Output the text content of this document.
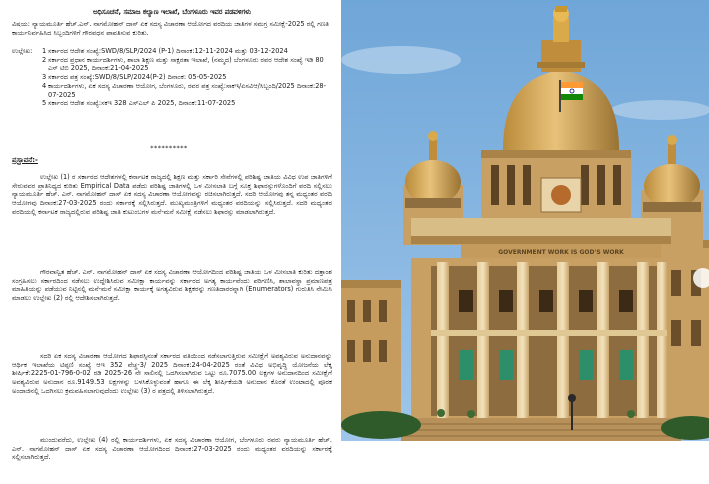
ಅಧಿಸೂಚನೆ, ಸಮಾಜ ಕಲ್ಯಾಣ ಇಲಾಖೆ, ಬೆಂಗಳೂರು ಇವರ ಪಡವಳಿಗಳು
ವಿಷಯ: ನ್ಯಾಯಮೂರ್ತಿ ಹೆಚ್.ಎನ್. ನಾಗಮೋಹನ್ ದಾಸ್ ಏಕ ಸದಸ್ಯ ವಿಚಾರಣಾ ಆಯೋಗದ ವರದಿಯ ಜಾತಿಗಳ ಸಮಗ್ರ ಸಮೀಕ್ಷೆ-2025 ರಲ್ಲಿ ಗಣತಿ ಕಾರ್ಯನಿರ್ವಹಿಸಿದ ಸಿಬ್ಬಂದಿಗಳಿಗೆ ಗೌರವಧನ ಪಾವತಿಸುವ ಕುರಿತು.
ಉಲ್ಲೇಖ:	1 ಸರ್ಕಾರದ ಆದೇಶ ಸಂಖ್ಯೆ:SWD/8/SLP/2024 (P-1) ದಿನಾಂಕ:12-11-2024 ಮತ್ತು 03-12-2024
2 ಸರ್ಕಾರದ ಪ್ರಧಾನ ಕಾರ್ಯದರ್ಶಿಗಳು, ಶಾಲಾ ಶಿಕ್ಷಣ ಮತ್ತು ಸಾಕ್ಷರತಾ ಇಲಾಖೆ, (ನಮ್ಮದ) ಬೆಂಗಳೂರು ರವರ ಆದೇಶ ಸಂಖ್ಯೆ ಇಡಿ 80 ಎಸ್ ಟಿಬಿ 2025, ದಿನಾಂಕ:21-04-2025
3 ಸರ್ಕಾರದ ಪತ್ರ ಸಂಖ್ಯೆ:SWD/8/SLP/2024(P-2) ದಿನಾಂಕ: 05-05-2025
4 ಕಾರ್ಯದರ್ಶಿಗಳು, ಏಕ ಸದಸ್ಯ ವಿಚಾರಣಾ ಆಯೋಗ, ಬೆಂಗಳೂರು, ರವರ ಪತ್ರ ಸಂಖ್ಯೆ:ಸಾಕಇ/ಏಸವಿಆ/ಸಿಬ್ಬಂದಿ/2025 ದಿನಾಂಕ:28-07-2025
5 ಸರ್ಕಾರದ ಆದೇಶ ಸಂಖ್ಯೆ:ಸಕಇ 328 ಎಸ್‌ಎಲ್‌ ಪಿ 2025, ದಿನಾಂಕ:11-07-2025
**********
ಪ್ರಸ್ತಾವನೆ:-
ಉಲ್ಲೇಖ (1) ರ ಸರ್ಕಾರದ ಆದೇಶಗಳಲ್ಲಿ ಕರ್ನಾಟಕ ರಾಜ್ಯದಲ್ಲಿ ಶಿಕ್ಷಣ ಮತ್ತು ಸರ್ಕಾರಿ ಸೇವೆಗಳಲ್ಲಿ ಪರಿಶಿಷ್ಟ ಜಾತಿಯ ವಿವಿಧ ಉಪ ಜಾತಿಗಳಿಗೆ ಸೇರುವವರ ಪ್ರಾತಿನಿಧ್ಯದ ಕುರಿತು Empirical Data ಪಡೆದು ಪರಿಶಿಷ್ಟ ಜಾತಿಗಳಲ್ಲಿ ಒಳ ಮೀಸಲಾತಿ ಬಗ್ಗೆ ಸೂಕ್ತ ಶಿಫಾರಸ್ಸುಗಳೊಂದಿಗೆ ವರದಿ ಸಲ್ಲಿಸಲು ನ್ಯಾಯಮೂರ್ತಿ ಹೆಚ್. ಎನ್. ನಾಗಮೋಹನ್ ದಾಸ್ ಏಕ ಸದಸ್ಯ ವಿಚಾರಣಾ ಆಯೋಗವನ್ನು ರಚಿಸಲಾಗಿರುತ್ತದೆ. ಸದರಿ ಆಯೋಗವು ತನ್ನ ಮಧ್ಯಂತರ ವರದಿ ಆಯೋಗವು ದಿನಾಂಕ:27-03-2025 ರಂದು ಸರ್ಕಾರಕ್ಕೆ ಸಲ್ಲಿಸಿರುತ್ತದೆ. ಮುಖ್ಯಮಂತ್ರಿಗಳಿಗೆ ಮಧ್ಯಂತರ ವರದಿಯನ್ನು ಸಲ್ಲಿಸಿರುತ್ತದೆ. ಸದರಿ ಮಧ್ಯಂತರ ವರದಿಯಲ್ಲಿ ಕರ್ನಾಟಕ ರಾಜ್ಯದಲ್ಲಿರುವ ಪರಿಶಿಷ್ಟ ಜಾತಿ ಕುಟುಂಬಗಳ ಮನೆ-ಮನೆ ಸಮೀಕ್ಷೆ ನಡೆಸಲು ಶಿಫಾರಸ್ಸು ಮಾಡಲಾಗಿರುತ್ತದೆ.
ಗೌರವಾನ್ವಿತ ಹೆಚ್. ಎನ್. ನಾಗಮೋಹನ್ ದಾಸ್ ಏಕ ಸದಸ್ಯ ವಿಚಾರಣಾ ಆಯೋಗದಿಂದ ಪರಿಶಿಷ್ಟ ಜಾತಿಯ ಒಳ ಮೀಸಲಾತಿ ಕುರಿತು ದತ್ತಾಂಶ ಸಂಗ್ರಹಿಸಲು ಸರ್ಕಾರದಿಂದ ನಡೆಸಲು ಉದ್ದೇಶಿಸಿರುವ ಸಮೀಕ್ಷಾ ಕಾರ್ಯವನ್ನು ಸರ್ಕಾರದ ಅಗತ್ಯ ಕಾರ್ಯವೆಂದು ಪರಿಗಣಿಸಿ, ಶಾಲಾವಸ್ಥಾ ಪ್ರಮಾಣಪತ್ರ ಮಾಹಿತಿಯನ್ನು ಪಡೆಯುವ ನಿಟ್ಟಿನಲ್ಲಿ ಮನೆ-ಮನೆ ಸಮೀಕ್ಷಾ ಕಾರ್ಯಕ್ಕೆ ಅಗತ್ಯವಿರುವ ಶಿಕ್ಷಕರನ್ನು ಗಣತಿದಾರರನ್ನಾಗಿ (Enumerators) ಗುರುತಿಸಿ ನೇಮಿಸಿ ಮಾಡಲು ಉಲ್ಲೇಖ (2) ರಲ್ಲಿ ಆದೇಶಿಸಲಾಗಿರುತ್ತದೆ.
ಸದರಿ ಏಕ ಸದಸ್ಯ ವಿಚಾರಣಾ ಆಯೋಗದ ಶಿಫಾರಸ್ಸಿನಂತೆ ಸರ್ಕಾರದ ವತಿಯಿಂದ ನಡೆಸಲಾಗುತ್ತಿರುವ ಸಮೀಕ್ಷೆಗೆ ಅವಶ್ಯವಿರುವ ಅನುದಾನವನ್ನು ಆರ್ಥಿಕ ಇಲಾಖೆಯ ಟಿಪ್ಪಣಿ ಸಂಖ್ಯೆ ಆಇ 352 ವೆಚ್ಚ-3/ 2025 ದಿನಾಂಕ:24-04-2025 ರಂತೆ ವಿವಿಧ ಅಭಿವೃದ್ಧಿ ಯೋಜನೆಯ ಲೆಕ್ಕ ಶೀರ್ಷಿಕೆ:2225-01-796-0-02 ರಡಿ 2025-26 ನೇ ಸಾಲಿನಲ್ಲಿ ಒದಗಿಸಲಾಗಿರುವ ಒಟ್ಟು ರೂ.7075.00 ಲಕ್ಷಗಳ ಅನುದಾನದಿಂದ ಸಮೀಕ್ಷೆಗೆ ಅವಶ್ಯವಿರುವ ಅನುದಾನ ರೂ.9149.53 ಲಕ್ಷಗಳನ್ನು ಬಳಸಿಕೊಳ್ಳುವಂತೆ ಹಾಗೂ ಈ ಲೆಕ್ಕ ಶೀರ್ಷಿಕೆಯಡಿ ಅನುದಾನ ಕೊರತೆ ಉಂಟಾದಲ್ಲಿ ಪೂರಕ ಅಂದಾಜಿನಲ್ಲಿ ಒದಗಿಸಲು ಕ್ರಮವಹಿಸಲಾಗುವುದೆಂದು ಉಲ್ಲೇಖ (3) ರ ಪತ್ರದಲ್ಲಿ ತಿಳಿಸಲಾಗಿರುತ್ತದೆ.
ಮುಂದುವರೆದು, ಉಲ್ಲೇಖ (4) ರಲ್ಲಿ ಕಾರ್ಯದರ್ಶಿಗಳು, ಏಕ ಸದಸ್ಯ ವಿಚಾರಣಾ ಆಯೋಗ, ಬೆಂಗಳೂರು ರವರು ನ್ಯಾಯಮೂರ್ತಿ ಹೆಚ್. ಎನ್. ನಾಗಮೋಹನ್ ದಾಸ್ ಏಕ ಸದಸ್ಯ ವಿಚಾರಣಾ ಆಯೋಗದಿಂದ ದಿನಾಂಕ:27-03-2025 ರಂದು ಮಧ್ಯಂತರ ವರದಿಯನ್ನು ಸರ್ಕಾರಕ್ಕೆ ಸಲ್ಲಿಸಲಾಗಿರುತ್ತದೆ.
GOVERNMENT WORK IS GOD'S WORK
